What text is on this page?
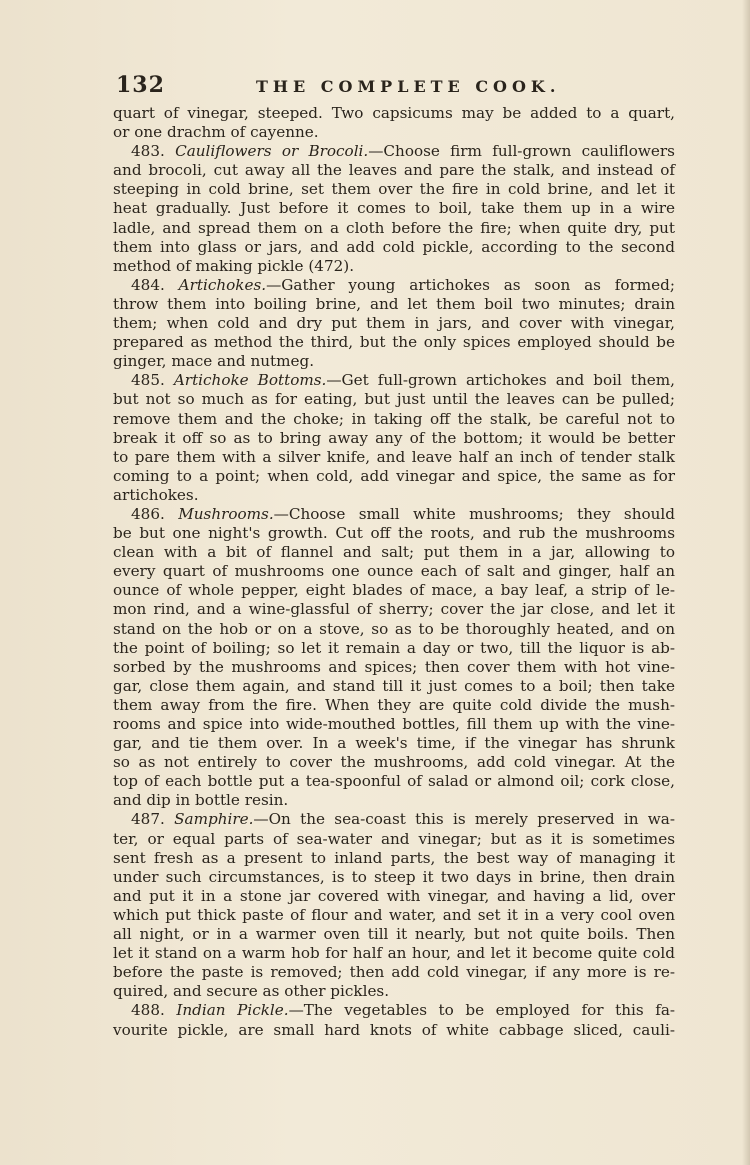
132	THE COMPLETE COOK.
quart of vinegar, steeped. Two capsicums may be added to a quart,
or one drachm of cayenne.
483. Cauliflowers or Brocoli.—Choose firm full-grown cauliflowers
and brocoli, cut away all the leaves and pare the stalk, and instead of
steeping in cold brine, set them over the fire in cold brine, and let it
heat gradually. Just before it comes to boil, take them up in a wire
ladle, and spread them on a cloth before the fire; when quite dry, put
them into glass or jars, and add cold pickle, according to the second
method of making pickle (472).
484. Artichokes.—Gather young artichokes as soon as formed;
throw them into boiling brine, and let them boil two minutes; drain
them; when cold and dry put them in jars, and cover with vinegar,
prepared as method the third, but the only spices employed should be
ginger, mace and nutmeg.
485. Artichoke Bottoms.—Get full-grown artichokes and boil them,
but not so much as for eating, but just until the leaves can be pulled;
remove them and the choke; in taking off the stalk, be careful not to
break it off so as to bring away any of the bottom; it would be better
to pare them with a silver knife, and leave half an inch of tender stalk
coming to a point; when cold, add vinegar and spice, the same as for
artichokes.
486. Mushrooms.—Choose small white mushrooms; they should
be but one night's growth. Cut off the roots, and rub the mushrooms
clean with a bit of flannel and salt; put them in a jar, allowing to
every quart of mushrooms one ounce each of salt and ginger, half an
ounce of whole pepper, eight blades of mace, a bay leaf, a strip of le-
mon rind, and a wine-glassful of sherry; cover the jar close, and let it
stand on the hob or on a stove, so as to be thoroughly heated, and on
the point of boiling; so let it remain a day or two, till the liquor is ab-
sorbed by the mushrooms and spices; then cover them with hot vine-
gar, close them again, and stand till it just comes to a boil; then take
them away from the fire. When they are quite cold divide the mush-
rooms and spice into wide-mouthed bottles, fill them up with the vine-
gar, and tie them over. In a week's time, if the vinegar has shrunk
so as not entirely to cover the mushrooms, add cold vinegar. At the
top of each bottle put a tea-spoonful of salad or almond oil; cork close,
and dip in bottle resin.
487. Samphire.—On the sea-coast this is merely preserved in wa-
ter, or equal parts of sea-water and vinegar; but as it is sometimes
sent fresh as a present to inland parts, the best way of managing it
under such circumstances, is to steep it two days in brine, then drain
and put it in a stone jar covered with vinegar, and having a lid, over
which put thick paste of flour and water, and set it in a very cool oven
all night, or in a warmer oven till it nearly, but not quite boils. Then
let it stand on a warm hob for half an hour, and let it become quite cold
before the paste is removed; then add cold vinegar, if any more is re-
quired, and secure as other pickles.
488. Indian Pickle.—The vegetables to be employed for this fa-
vourite pickle, are small hard knots of white cabbage sliced, cauli-
